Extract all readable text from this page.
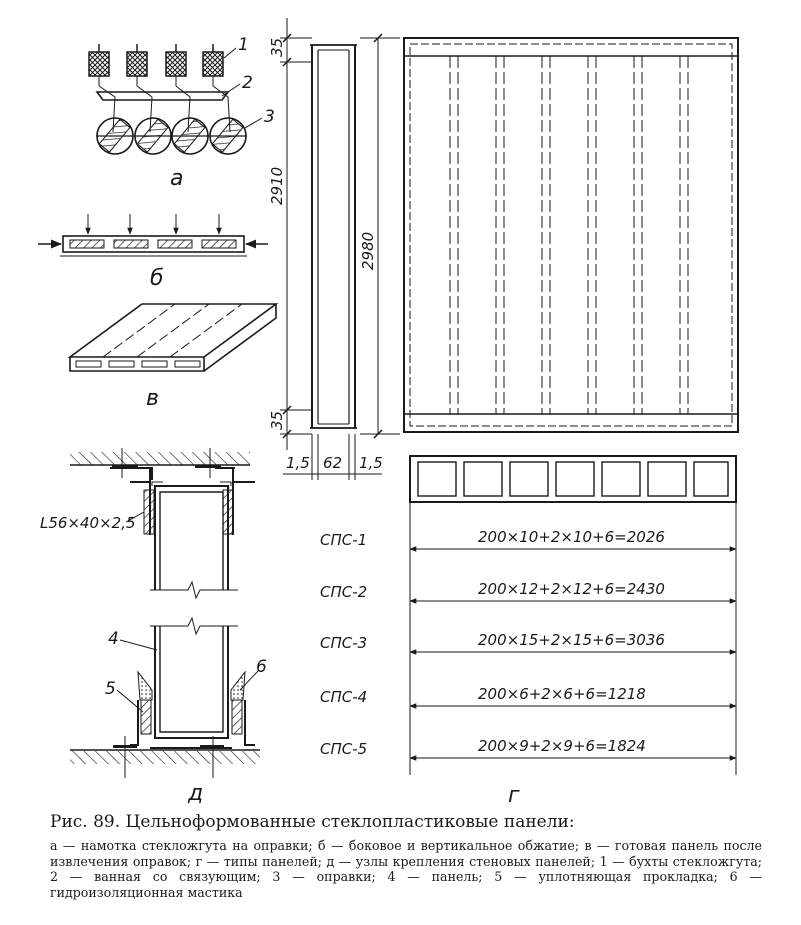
1
2
3
а
б
в
L56×40×2,5
4
5
6
д
35
2910
35
2980
1,5 62 1,5
СПС-1	200×10+2×10+6=2026
СПС-2	200×12+2×12+6=2430
СПС-3	200×15+2×15+6=3036
СПС-4	200×6+2×6+6=1218
СПС-5	200×9+2×9+6=1824
г
Рис. 89. Цельноформованные стеклопластиковые панели:
а — намотка стекложгута на оправки; б — боковое и вертикальное обжатие; в — готовая панель после извлечения оправок; г — типы панелей; д — узлы крепления стеновых панелей; 1 — бухты стекложгута; 2 — ванная со связующим; 3 — оправки; 4 — панель; 5 — уплотняющая прокладка; 6 — гидроизоляционная мастика
